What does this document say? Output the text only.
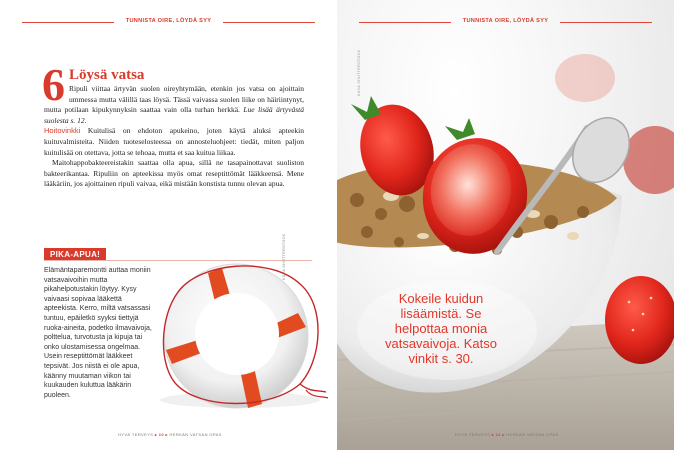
TUNNISTA OIRE, LÖYDÄ SYY
6 Löysä vatsa

Ripuli viittaa ärtyvän suolen oireyhtymään, etenkin jos vatsa on ajoittain ummessa mutta välillä taas löysä. Tässä vaivassa suolen liike on häiriintynyt, mutta potilaan kipukynnyksin saattaa vain olla turhan herkkä. Lue lisää ärtyvästä suolesta s. 12.

Hoitovinkki Kuitulisä on ehdoton apukeino, joten käytä aluksi apteekin kuituvalmisteita. Niiden tuoteselosteessa on annosteluohjeet: tiedät, miten paljon kuitulisää on otettava, jotta se tehoaa, mutta et saa kuitua liikaa.

Maitohappobakteereistakin saattaa olla apua, sillä ne tasapainottavat suoliston bakteerikantaa. Ripuliin on apteekissa myös omat reseptittömät lääkkeensä. Mene lääkäriin, jos ajoittainen ripuli vaivaa, eikä mistään konstista tunnu olevan apua.

PIKA-APUA!
Elämäntaparemontti auttaa moniin vatsavaivoihin mutta pikahelpotustakin löytyy. Kysy vaivaasi sopivaa lääkettä apteekista. Kerro, miltä vatsassasi tuntuu, epäiletkö syyksi tiettyjä ruoka-aineita, podetko ilmavaivoja, polttelua, turvotusta ja kipuja tai onko ulostamisessa ongelmaa. Usein reseptittömät lääkkeet tepsivät. Jos niistä ei ole apua, käänny muutaman viikon tai kuukauden kuluttua lääkärin puoleen.
KUVA SHUTTERSTOCK
HYVÄ TERVEYS ▸ 10 ▸ HERKÄN VATSAN OPAS
TUNNISTA OIRE, LÖYDÄ SYY
HYVÄ TERVEYS ▸ 11 ▸ HERKÄN VATSAN OPAS
KUVA SHUTTERSTOCK
Kokeile kuidun lisäämistä. Se helpottaa monia vatsavaivoja. Katso vinkit s. 30.
